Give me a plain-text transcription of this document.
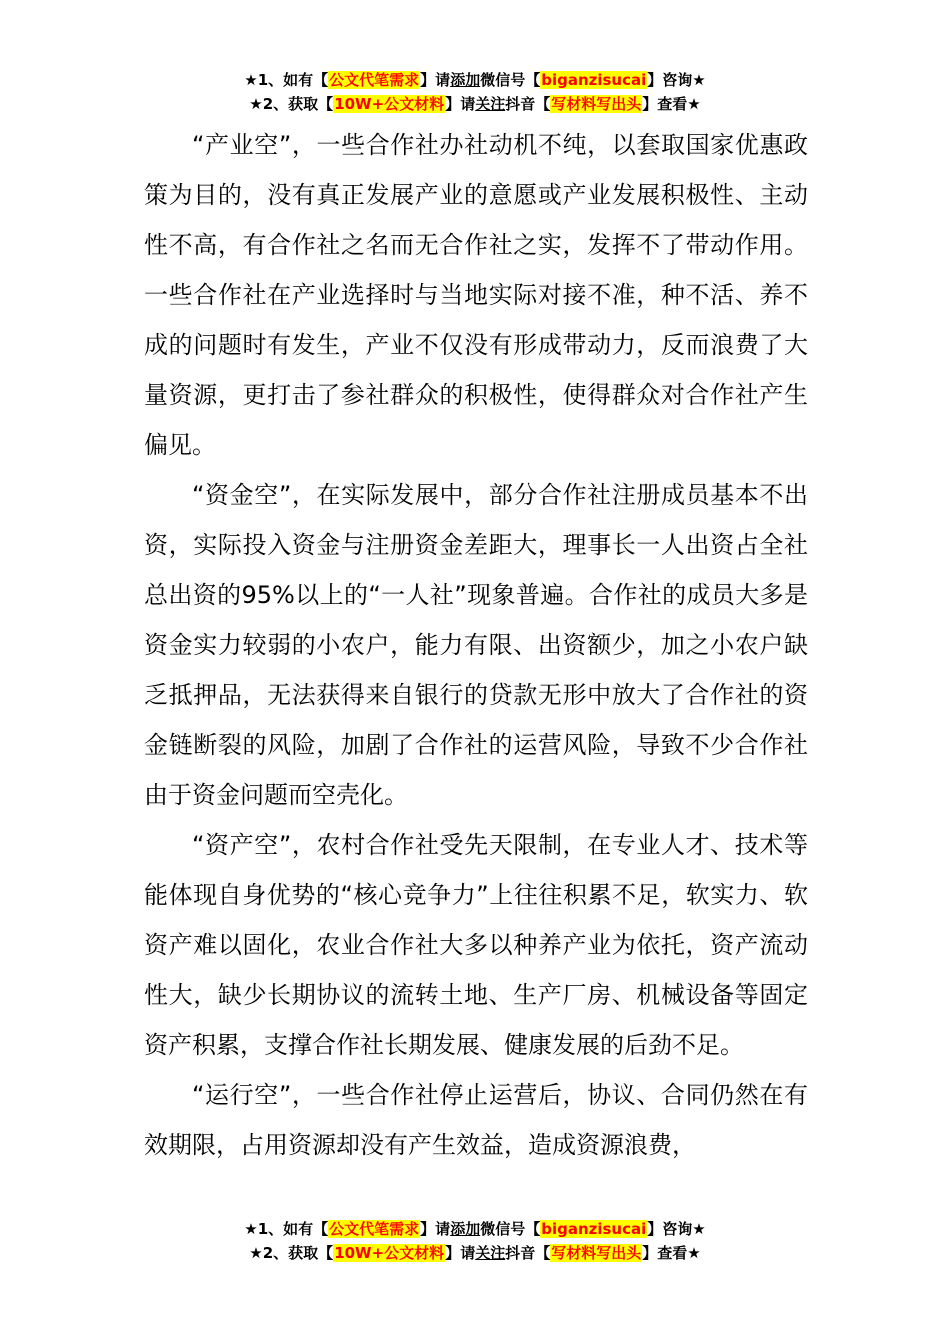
★1、如有【公文代笔需求】请添加微信号【biganzisucai】咨询★
★2、获取【10W+公文材料】请关注抖音【写材料写出头】查看★

“产业空”，一些合作社办社动机不纯，以套取国家优惠政策为目的，没有真正发展产业的意愿或产业发展积极性、主动性不高，有合作社之名而无合作社之实，发挥不了带动作用。一些合作社在产业选择时与当地实际对接不准，种不活、养不成的问题时有发生，产业不仅没有形成带动力，反而浪费了大量资源，更打击了参社群众的积极性，使得群众对合作社产生偏见。

“资金空”，在实际发展中，部分合作社注册成员基本不出资，实际投入资金与注册资金差距大，理事长一人出资占全社总出资的95%以上的“一人社”现象普遍。合作社的成员大多是资金实力较弱的小农户，能力有限、出资额少，加之小农户缺乏抵押品，无法获得来自银行的贷款无形中放大了合作社的资金链断裂的风险，加剧了合作社的运营风险，导致不少合作社由于资金问题而空壳化。

“资产空”，农村合作社受先天限制，在专业人才、技术等能体现自身优势的“核心竞争力”上往往积累不足，软实力、软资产难以固化，农业合作社大多以种养产业为依托，资产流动性大，缺少长期协议的流转土地、生产厂房、机械设备等固定资产积累，支撑合作社长期发展、健康发展的后劲不足。

“运行空”，一些合作社停止运营后，协议、合同仍然在有效期限，占用资源却没有产生效益，造成资源浪费，

★1、如有【公文代笔需求】请添加微信号【biganzisucai】咨询★
★2、获取【10W+公文材料】请关注抖音【写材料写出头】查看★
